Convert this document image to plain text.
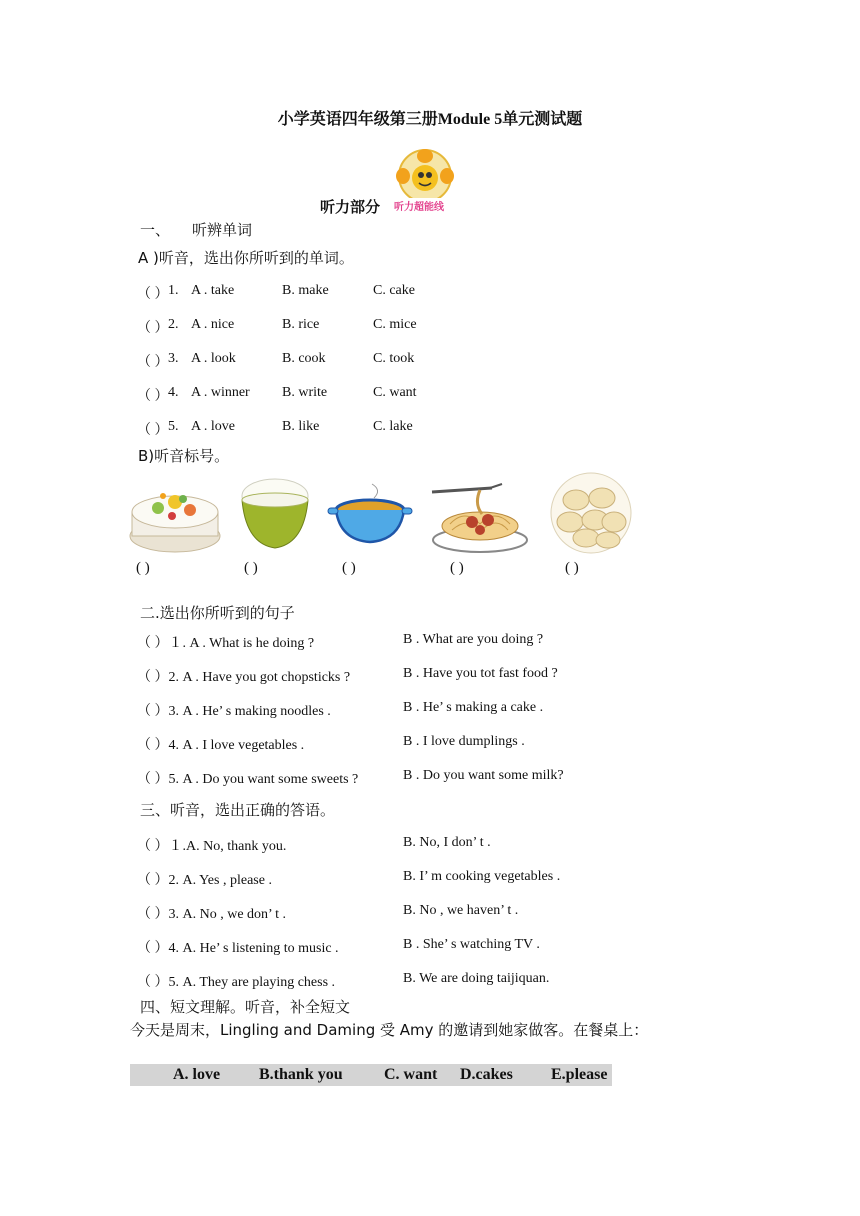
小学英语四年级第三册Module 5单元测试题
听力超能线
听力部分
一、 听辨单词
A )听音，选出你所听到的单词。
（ ） 1. A . take	B. make	C. cake
（ ） 2. A . nice	B. rice	C. mice
（ ） 3. A . look	B. cook	C. took
（ ） 4. A . winner B. write	C. want
（ ） 5. A . love	B. like	C. lake
B)听音标号。
( )	( )	( )	( )	( )
二.选出你所听到的句子
（ ）１. A . What is he doing ?	B . What are you doing ?
（ ）2. A . Have you got chopsticks ?	B . Have you tot fast food ?
（ ）3. A . He’ s making noodles .	B . He’ s making a cake .
（ ）4. A . I love vegetables .	B . I love dumplings .
（ ）5. A . Do you want some sweets ?	B . Do you want some milk?
三、听音，选出正确的答语。
（ ）１.A. No, thank you.	B. No, I don’ t .
（ ）2. A. Yes , please .	B. I’ m cooking vegetables .
（ ）3. A. No , we don’ t .	B. No , we haven’ t .
（ ）4. A. He’ s listening to music .	B . She’ s watching TV .
（ ）5. A. They are playing chess .	B. We are doing taijiquan.
四、短文理解。听音，补全短文
今天是周末，Lingling and Daming 受 Amy 的邀请到她家做客。在餐桌上：
A. love B.thank you	C. want D.cakes E.please
